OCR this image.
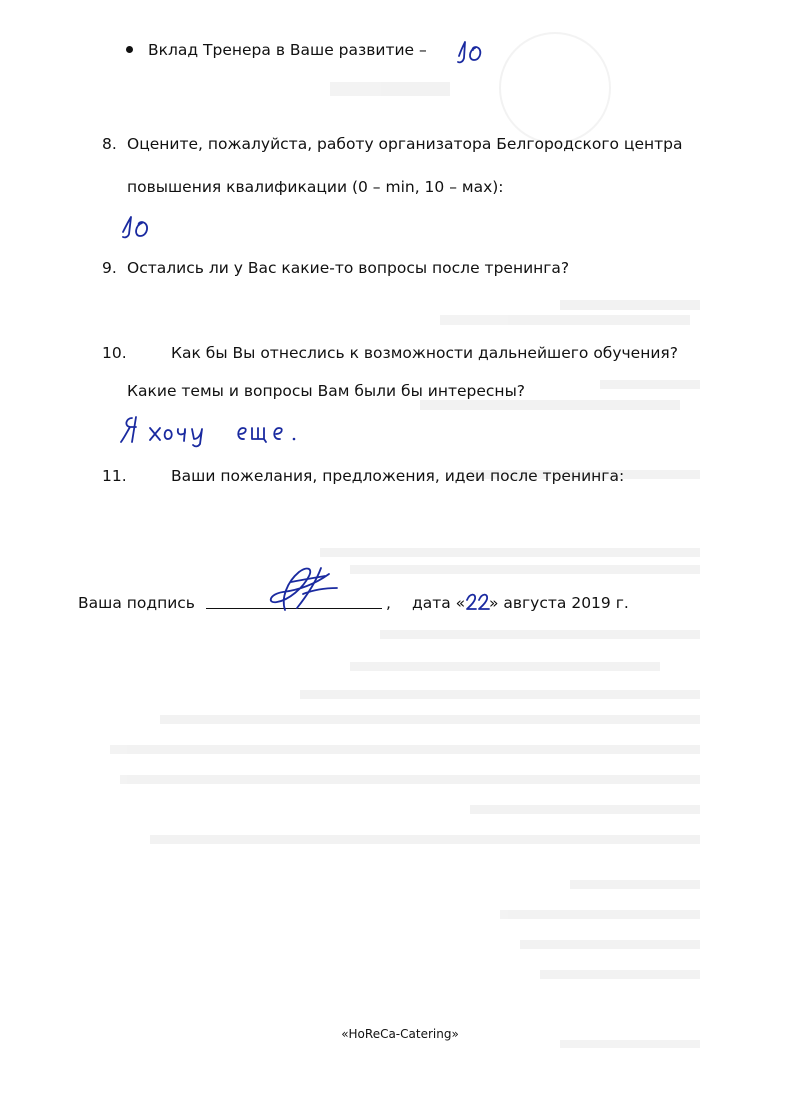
Вклад Тренера в Ваше развитие –
8. Оцените, пожалуйста, работу организатора Белгородского центра
повышения квалификации (0 – min, 10 – мах):
9. Остались ли у Вас какие-то вопросы после тренинга?
10.	Как бы Вы отнеслись к возможности дальнейшего обучения?
Какие темы и вопросы Вам были бы интересны?
11.	Ваши пожелания, предложения, идеи после тренинга:
Ваша подпись	, дата « » августа 2019 г.
«HoReCa-Catering»
